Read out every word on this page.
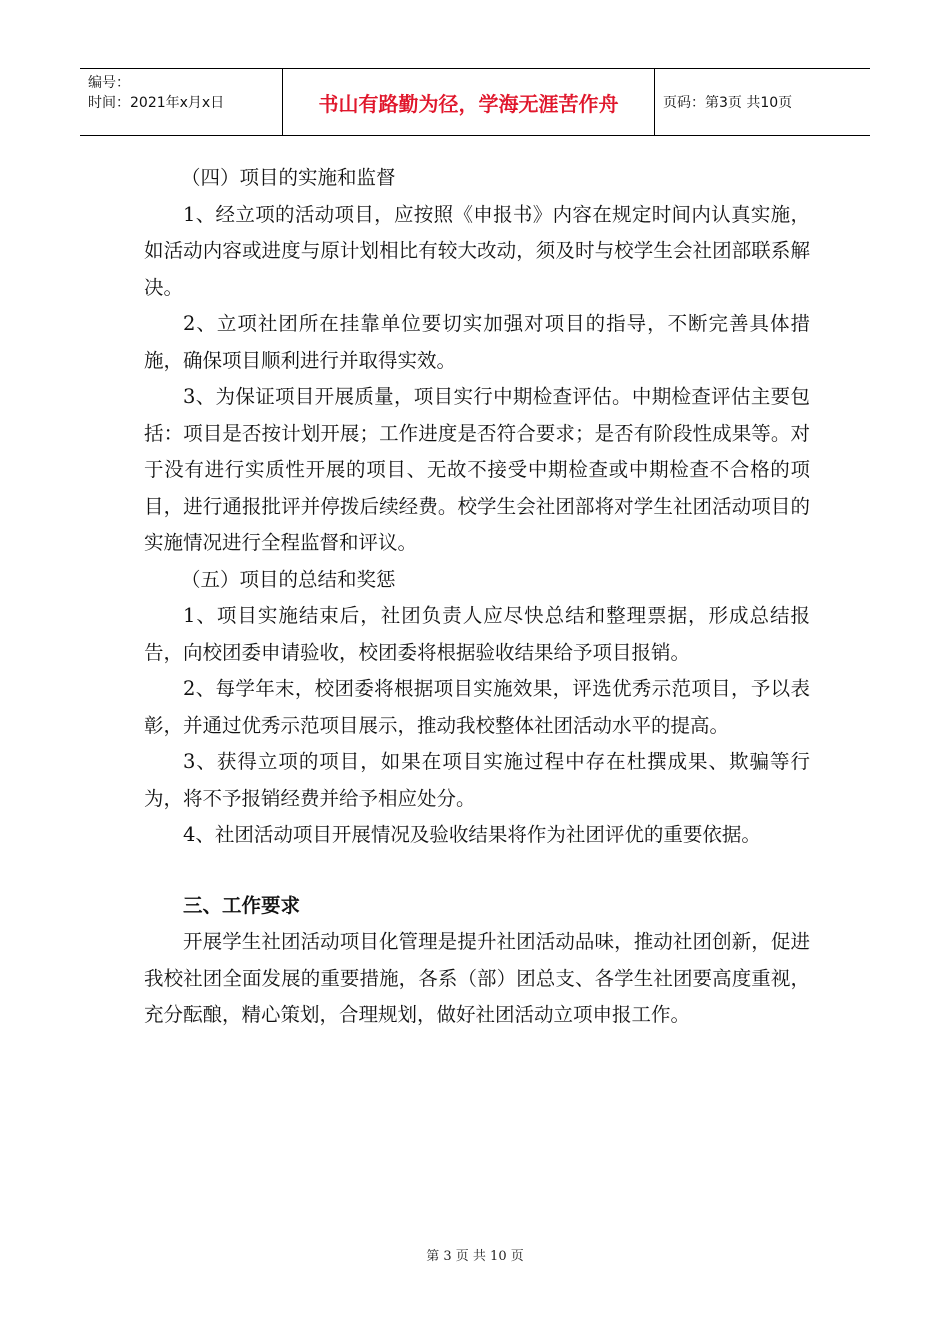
编号：
时间：2021年x月x日	书山有路勤为径，学海无涯苦作舟	页码：第3页 共10页

（四）项目的实施和监督

1、经立项的活动项目，应按照《申报书》内容在规定时间内认真实施，如活动内容或进度与原计划相比有较大改动，须及时与校学生会社团部联系解决。

2、立项社团所在挂靠单位要切实加强对项目的指导，不断完善具体措施，确保项目顺利进行并取得实效。

3、为保证项目开展质量，项目实行中期检查评估。中期检查评估主要包括：项目是否按计划开展；工作进度是否符合要求；是否有阶段性成果等。对于没有进行实质性开展的项目、无故不接受中期检查或中期检查不合格的项目，进行通报批评并停拨后续经费。校学生会社团部将对学生社团活动项目的实施情况进行全程监督和评议。

（五）项目的总结和奖惩

1、项目实施结束后，社团负责人应尽快总结和整理票据，形成总结报告，向校团委申请验收，校团委将根据验收结果给予项目报销。

2、每学年末，校团委将根据项目实施效果，评选优秀示范项目，予以表彰，并通过优秀示范项目展示，推动我校整体社团活动水平的提高。

3、获得立项的项目，如果在项目实施过程中存在杜撰成果、欺骗等行为，将不予报销经费并给予相应处分。

4、社团活动项目开展情况及验收结果将作为社团评优的重要依据。

三、工作要求

开展学生社团活动项目化管理是提升社团活动品味，推动社团创新，促进我校社团全面发展的重要措施，各系（部）团总支、各学生社团要高度重视，充分酝酿，精心策划，合理规划，做好社团活动立项申报工作。

第 3 页 共 10 页
